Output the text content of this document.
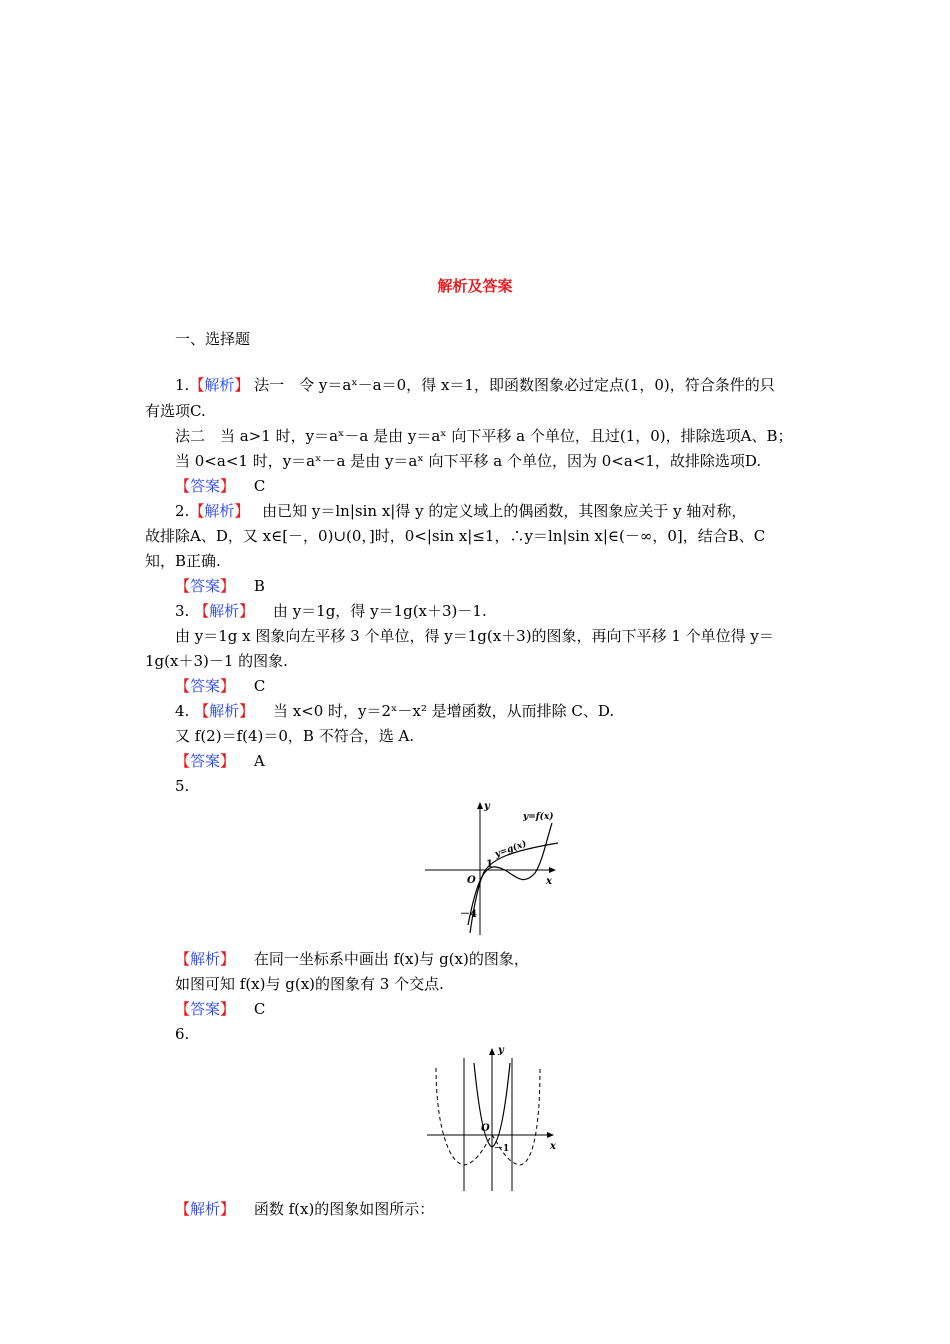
解析及答案
一、选择题
1.【解析】 法一　令 y＝aˣ－a＝0，得 x＝1，即函数图象必过定点(1，0)，符合条件的只
有选项C.
法二　当 a>1 时，y＝aˣ－a 是由 y＝aˣ 向下平移 a 个单位，且过(1，0)，排除选项A、B；
当 0<a<1 时，y＝aˣ－a 是由 y＝aˣ 向下平移 a 个单位，因为 0<a<1，故排除选项D.
【答案】 C
2.【解析】 由已知 y＝ln|sin x|得 y 的定义域上的偶函数，其图象应关于 y 轴对称，
故排除A、D，又 x∈[－，0)∪(0，]时，0<|sin x|≤1，∴y＝ln|sin x|∈(－∞，0]，结合B、C
知，B正确.
【答案】 B
3. 【解析】 由 y＝1g，得 y＝1g(x＋3)－1.
由 y＝1g x 图象向左平移 3 个单位，得 y＝1g(x＋3)的图象，再向下平移 1 个单位得 y＝
1g(x＋3)－1 的图象.
【答案】 C
4. 【解析】 当 x<0 时，y＝2ˣ－x² 是增函数，从而排除 C、D.
又 f(2)＝f(4)＝0，B 不符合，选 A.
【答案】 A
5.
y
x
O
1
－4
y=f(x)
y=g(x)
【解析】 在同一坐标系中画出 f(x)与 g(x)的图象，
如图可知 f(x)与 g(x)的图象有 3 个交点.
【答案】 C
6.
y
x
O
－1
【解析】 函数 f(x)的图象如图所示：
